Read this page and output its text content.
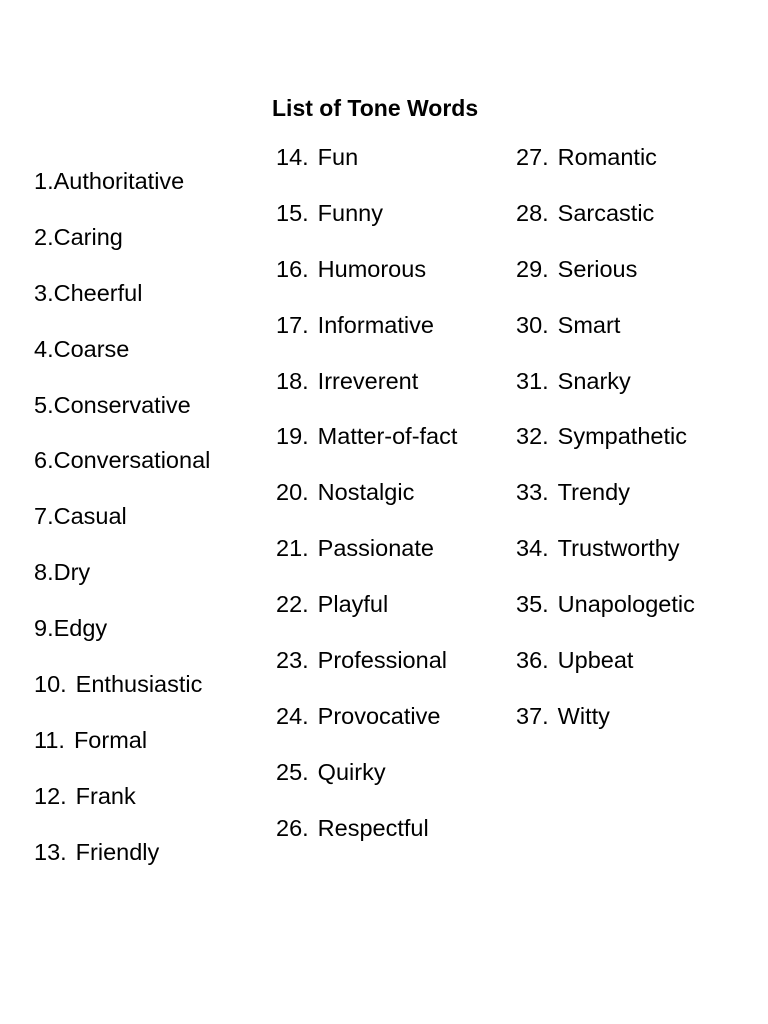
List of Tone Words
1.Authoritative
2.Caring
3.Cheerful
4.Coarse
5.Conservative
6.Conversational
7.Casual
8.Dry
9.Edgy
10. Enthusiastic
11. Formal
12. Frank
13. Friendly
14. Fun
15. Funny
16. Humorous
17. Informative
18. Irreverent
19. Matter-of-fact
20. Nostalgic
21. Passionate
22. Playful
23. Professional
24. Provocative
25. Quirky
26. Respectful
27. Romantic
28. Sarcastic
29. Serious
30. Smart
31. Snarky
32. Sympathetic
33. Trendy
34. Trustworthy
35. Unapologetic
36. Upbeat
37. Witty
